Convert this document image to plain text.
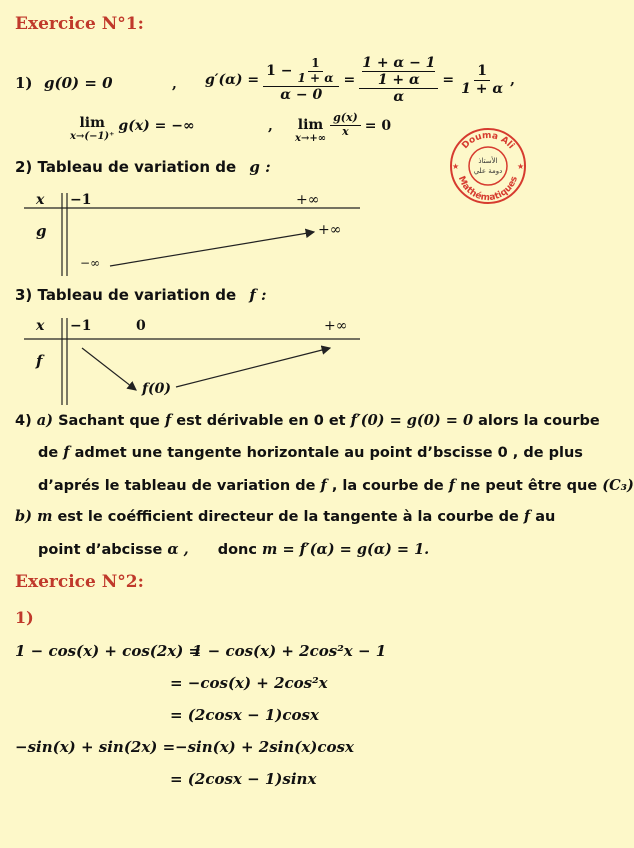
Exercice N°1:
1) g(0) = 0	, $g'(\alpha) = \frac{1 - \frac{1}{1 + \alpha}}{\alpha - 0} = 1 + \alpha - 1$
1 + α
$\alpha = \frac{1}{1 + \alpha}$ ,
lim
x→(−1)⁺
g(x) = −∞	, lim
x→+∞
$\frac{g(x)}{x} = 0$
Douma Ali
Mathématiques
الأستاذ
دومة علي
★	★
2) Tableau de variation de g :
x −1	+∞
g	+∞
−∞
3) Tableau de variation de f :
x −1	0	+∞
f
f(0)
4) a) Sachant que f est dérivable en 0 et f′(0) = g(0) = 0 alors la courbe
de f admet une tangente horizontale au point d’bscisse 0 , de plus
d’aprés le tableau de variation de f , la courbe de f ne peut être que (C₃)
b) m est le coéfficient directeur de la tangente à la courbe de f au
point d’abcisse α , donc m = f′(α) = g(α) = 1.
Exercice N°2:
1)
1 − cos(x) + cos(2x) =
1 − cos(x) + 2cos²x − 1
= −cos(x) + 2cos²x
= (2cosx − 1)cosx
−sin(x) + sin(2x) = −sin(x) + 2sin(x)cosx
= (2cosx − 1)sinx
